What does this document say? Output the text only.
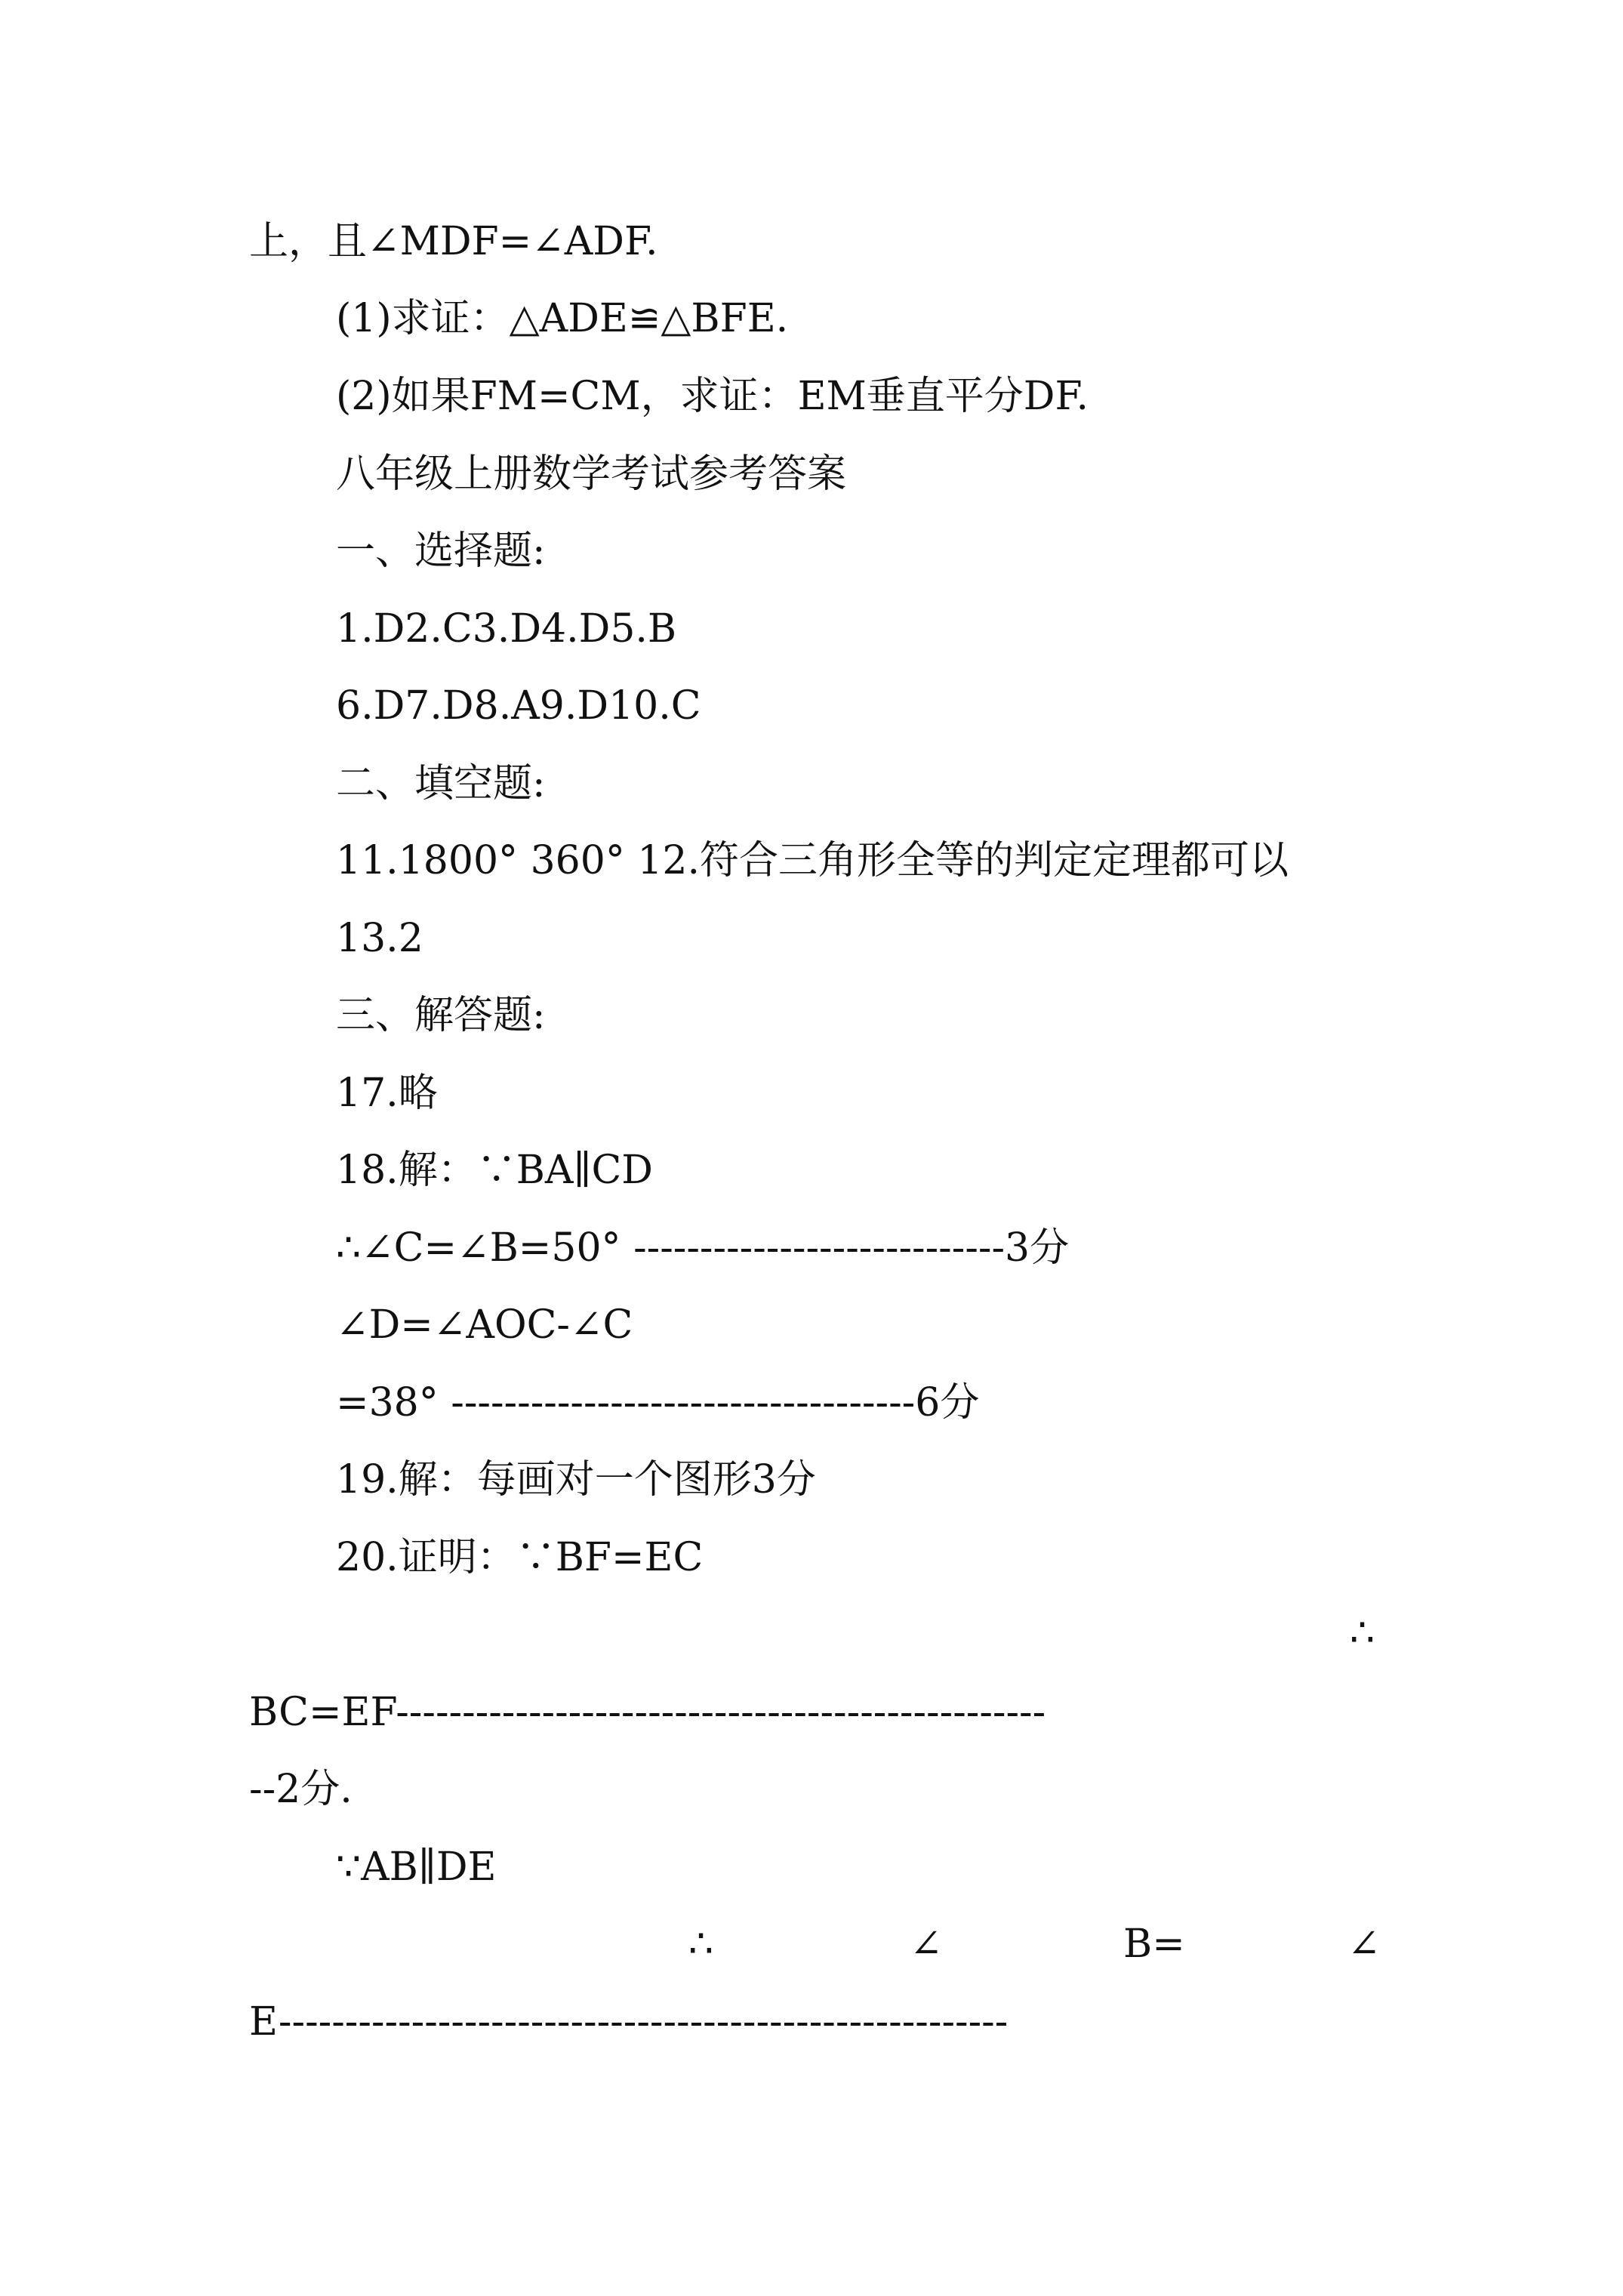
上，且∠MDF=∠ADF.
(1)求证：△ADE≌△BFE.
(2)如果FM=CM，求证：EM垂直平分DF.
八年级上册数学考试参考答案
一、选择题:
1.D2.C3.D4.D5.B
6.D7.D8.A9.D10.C
二、填空题:
11.1800° 360° 12.符合三角形全等的判定定理都可以
13.2
三、解答题:
17.略
18.解：∵BA∥CD
∴∠C=∠B=50° ----------------------------3分
∠D=∠AOC-∠C
=38° -----------------------------------6分
19.解：每画对一个图形3分
20.证明：∵BF=EC
∴
BC=EF-------------------------------------------------
--2分.
∵AB∥DE
∴	∠	B=	∠
E-------------------------------------------------------
